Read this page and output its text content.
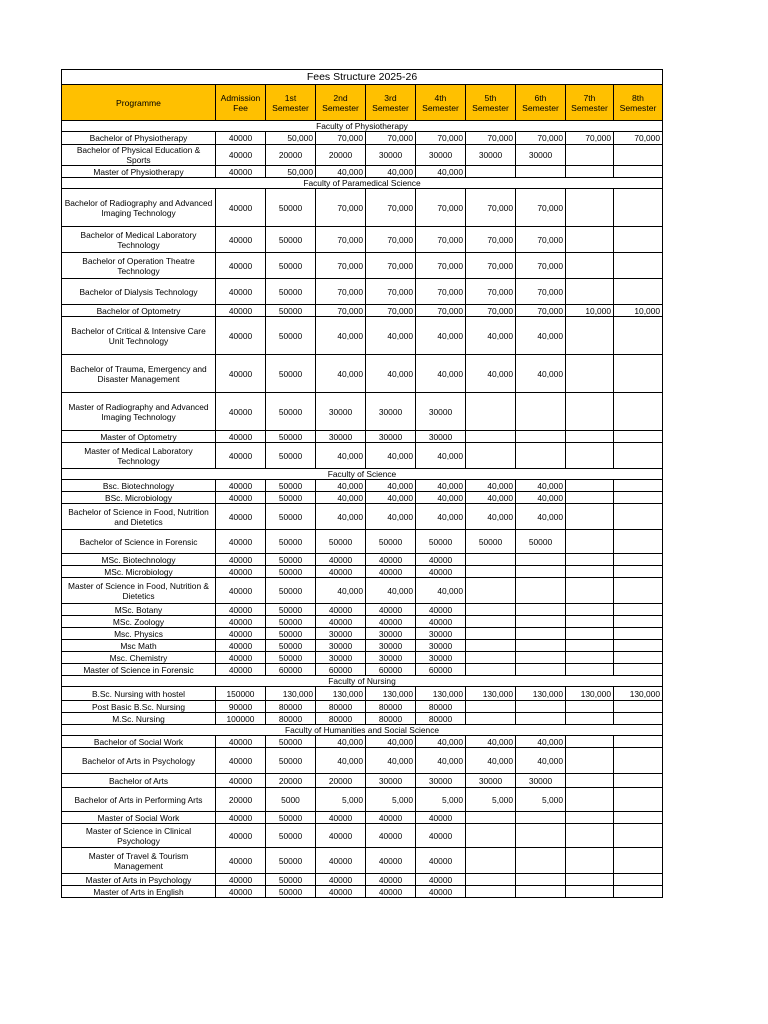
Fees Structure 2025-26									
Programme	Admission Fee	1st Semester	2nd Semester	3rd Semester	4th Semester	5th Semester	6th Semester	7th Semester	8th Semester
Faculty of Physiotherapy									
Bachelor of Physiotherapy	40000	50,000	70,000	70,000	70,000	70,000	70,000	70,000	70,000
Bachelor of Physical Education & Sports	40000	20000	20000	30000	30000	30000	30000		
Master of Physiotherapy	40000	50,000	40,000	40,000	40,000				
Faculty of Paramedical Science									
Bachelor of Radiography and Advanced Imaging Technology	40000	50000	70,000	70,000	70,000	70,000	70,000		
Bachelor of Medical Laboratory Technology	40000	50000	70,000	70,000	70,000	70,000	70,000		
Bachelor of Operation Theatre Technology	40000	50000	70,000	70,000	70,000	70,000	70,000		
Bachelor of Dialysis Technology	40000	50000	70,000	70,000	70,000	70,000	70,000		
Bachelor of Optometry	40000	50000	70,000	70,000	70,000	70,000	70,000	10,000	10,000
Bachelor of Critical & Intensive Care Unit Technology	40000	50000	40,000	40,000	40,000	40,000	40,000		
Bachelor of Trauma, Emergency and Disaster Management	40000	50000	40,000	40,000	40,000	40,000	40,000		
Master of Radiography and Advanced Imaging Technology	40000	50000	30000	30000	30000				
Master of Optometry	40000	50000	30000	30000	30000				
Master of Medical Laboratory Technology	40000	50000	40,000	40,000	40,000				
Faculty of Science									
Bsc. Biotechnology	40000	50000	40,000	40,000	40,000	40,000	40,000		
BSc. Microbiology	40000	50000	40,000	40,000	40,000	40,000	40,000		
Bachelor of Science in Food, Nutrition and Dietetics	40000	50000	40,000	40,000	40,000	40,000	40,000		
Bachelor of Science in Forensic	40000	50000	50000	50000	50000	50000	50000		
MSc. Biotechnology	40000	50000	40000	40000	40000				
MSc. Microbiology	40000	50000	40000	40000	40000				
Master of Science in Food, Nutrition & Dietetics	40000	50000	40,000	40,000	40,000				
MSc. Botany	40000	50000	40000	40000	40000				
MSc. Zoology	40000	50000	40000	40000	40000				
Msc. Physics	40000	50000	30000	30000	30000				
Msc Math	40000	50000	30000	30000	30000				
Msc. Chemistry	40000	50000	30000	30000	30000				
Master of Science in Forensic	40000	60000	60000	60000	60000				
Faculty of Nursing									
B.Sc. Nursing with hostel	150000	130,000	130,000	130,000	130,000	130,000	130,000	130,000	130,000
Post Basic B.Sc. Nursing	90000	80000	80000	80000	80000				
M.Sc. Nursing	100000	80000	80000	80000	80000				
Faculty of Humanities and Social Science									
Bachelor of Social Work	40000	50000	40,000	40,000	40,000	40,000	40,000		
Bachelor of Arts in Psychology	40000	50000	40,000	40,000	40,000	40,000	40,000		
Bachelor of Arts	40000	20000	20000	30000	30000	30000	30000		
Bachelor of Arts in Performing Arts	20000	5000	5,000	5,000	5,000	5,000	5,000		
Master of Social Work	40000	50000	40000	40000	40000				
Master of Science in Clinical Psychology	40000	50000	40000	40000	40000				
Master of Travel & Tourism Management	40000	50000	40000	40000	40000				
Master of Arts in Psychology	40000	50000	40000	40000	40000				
Master of Arts in English	40000	50000	40000	40000	40000				
